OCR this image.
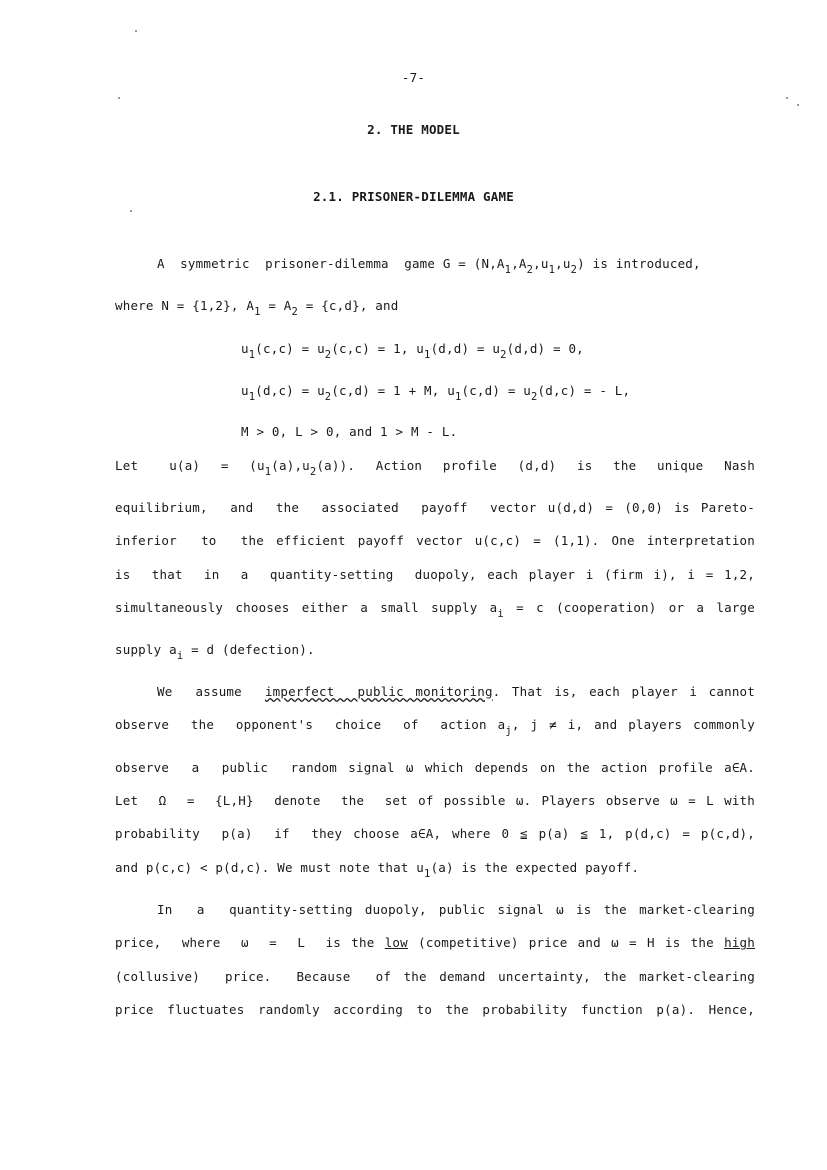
-7-
2. THE MODEL
2.1. PRISONER-DILEMMA GAME
A  symmetric  prisoner-dilemma  game $G = (N,A_1,A_2,u_1,u_2)$ is introduced,
where N = {1,2}, $A_1 = A_2 = \{c,d\}$, and
$u_1(c,c) = u_2(c,c) = 1$, $u_1(d,d) = u_2(d,d) = 0$,
$u_1(d,c) = u_2(c,d) = 1 + M$, $u_1(c,d) = u_2(d,c)$ = - L,
M > 0, L > 0, and 1 > M - L.
Let   $u(a) = (u_1(a),u_2(a))$.  Action  profile  (d,d)  is  the  unique  Nash
equilibrium,  and  the  associated  payoff  vector u(d,d) = (0,0) is Pareto-
inferior  to  the efficient payoff vector u(c,c) = (1,1). One interpretation
is  that  in  a  quantity-setting  duopoly, each player i (firm i), i = 1,2,
simultaneously chooses either a small supply $a_i = c$ (cooperation) or a large
supply $a_i = d$ (defection).
We  assume  imperfect  public monitoring. That is, each player i cannot
observe  the  opponent's  choice  of  action $a_j$, j ≠ i, and players commonly
observe  a  public  random signal ω which depends on the action profile a∈A.
Let  Ω  =  {L,H}  denote  the  set of possible ω. Players observe ω = L with
probability  p(a)  if  they choose a∈A, where 0 ≦ p(a) ≦ 1, p(d,c) = p(c,d),
and p(c,c) < p(d,c). We must note that $u_1(a)$ is the expected payoff.
In  a  quantity-setting duopoly, public signal ω is the market-clearing
price,  where  ω  =  L  is the low (competitive) price and ω = H is the high
(collusive)  price.  Because  of the demand uncertainty, the market-clearing
price fluctuates randomly according to the probability function p(a). Hence,
